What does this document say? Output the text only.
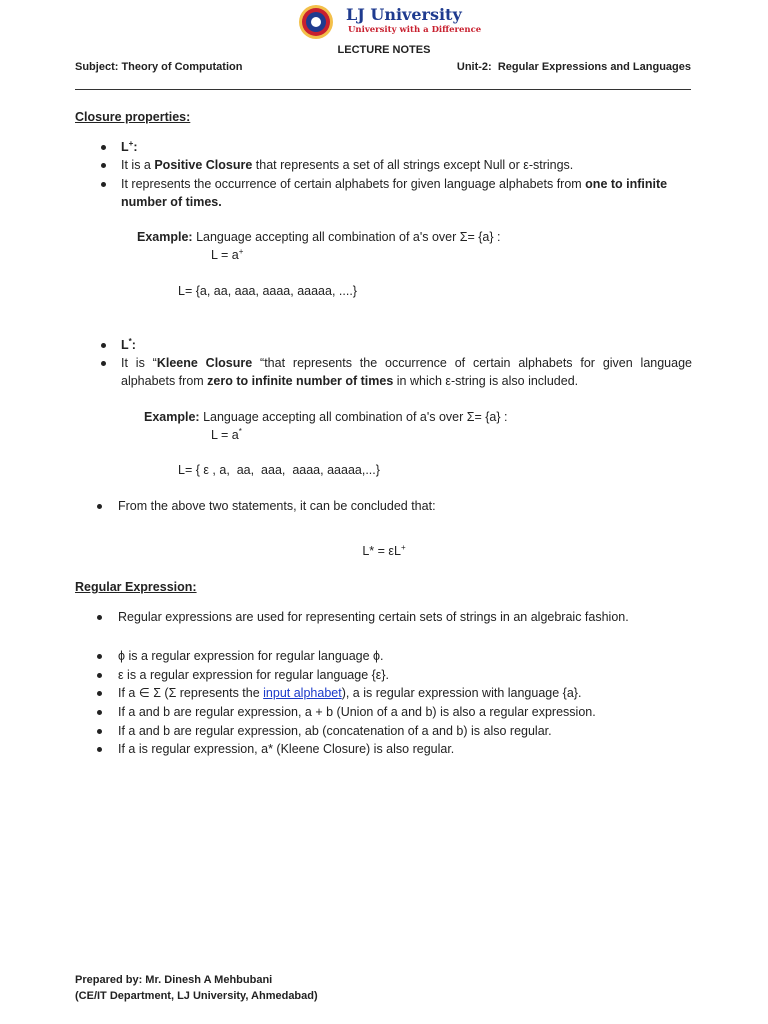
LJ University
University with a Difference
LECTURE NOTES
Subject: Theory of Computation	Unit-2:  Regular Expressions and Languages
Closure properties:
L+:
It is a Positive Closure that represents a set of all strings except Null or ε-strings.
It represents the occurrence of certain alphabets for given language alphabets from one to infinite number of times.
Example: Language accepting all combination of a's over Σ= {a} :
L = a+
L= {a, aa, aaa, aaaa, aaaaa, ....}
L*:
It is “Kleene Closure “that represents the occurrence of certain alphabets for given language alphabets from zero to infinite number of times in which ε-string is also included.
Example: Language accepting all combination of a's over Σ= {a} :
L = a*
L= { ε , a,  aa,  aaa,  aaaa, aaaaa,...}
From the above two statements, it can be concluded that:
L* = εL+
Regular Expression:
Regular expressions are used for representing certain sets of strings in an algebraic fashion.
ϕ is a regular expression for regular language ϕ.
ε is a regular expression for regular language {ε}.
If a ∈ Σ (Σ represents the input alphabet), a is regular expression with language {a}.
If a and b are regular expression, a + b (Union of a and b) is also a regular expression.
If a and b are regular expression, ab (concatenation of a and b) is also regular.
If a is regular expression, a* (Kleene Closure) is also regular.
Prepared by: Mr. Dinesh A Mehbubani
(CE/IT Department, LJ University, Ahmedabad)
